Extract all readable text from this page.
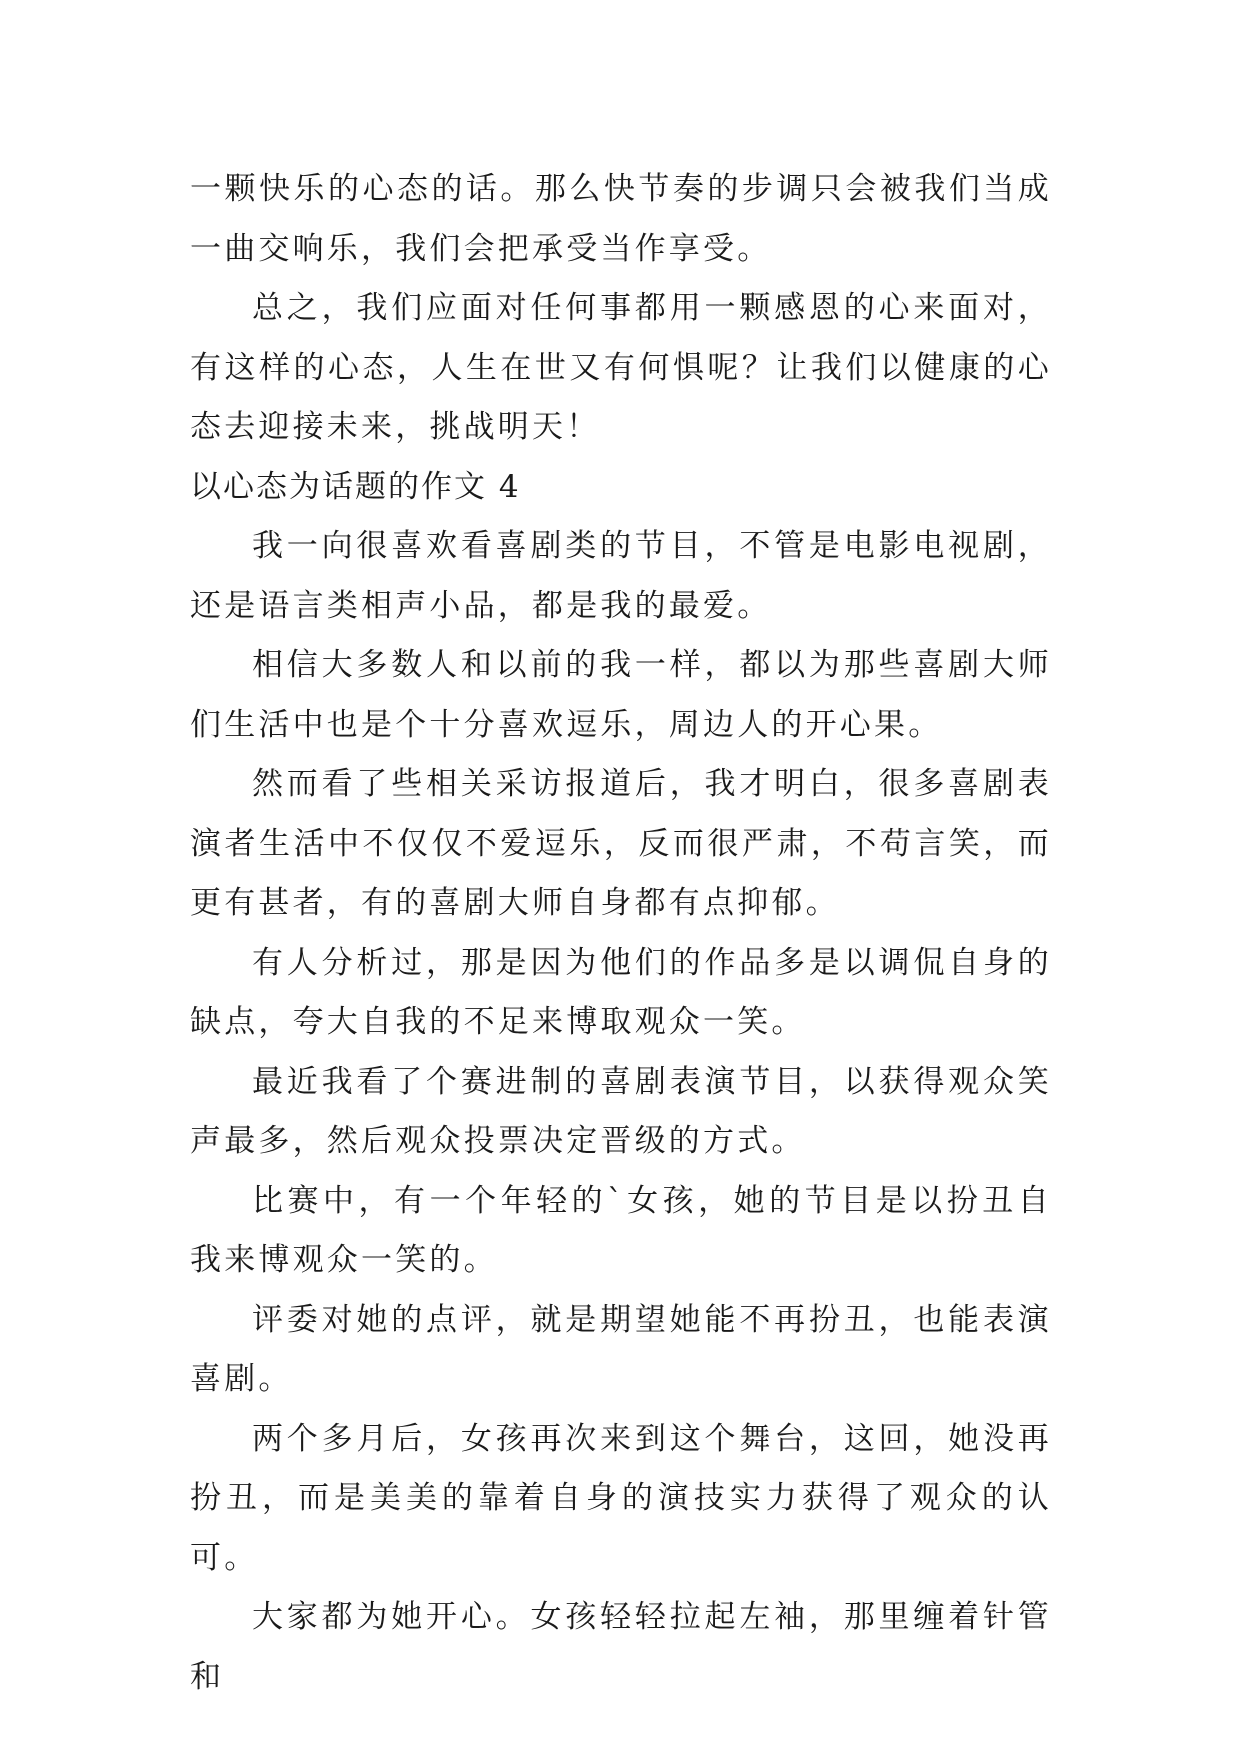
一颗快乐的心态的话。那么快节奏的步调只会被我们当成一曲交响乐，我们会把承受当作享受。

总之，我们应面对任何事都用一颗感恩的心来面对，有这样的心态，人生在世又有何惧呢？让我们以健康的心态去迎接未来，挑战明天！

以心态为话题的作文 4

我一向很喜欢看喜剧类的节目，不管是电影电视剧，还是语言类相声小品，都是我的最爱。

相信大多数人和以前的我一样，都以为那些喜剧大师们生活中也是个十分喜欢逗乐，周边人的开心果。

然而看了些相关采访报道后，我才明白，很多喜剧表演者生活中不仅仅不爱逗乐，反而很严肃，不苟言笑，而更有甚者，有的喜剧大师自身都有点抑郁。

有人分析过，那是因为他们的作品多是以调侃自身的缺点，夸大自我的不足来博取观众一笑。

最近我看了个赛进制的喜剧表演节目，以获得观众笑声最多，然后观众投票决定晋级的方式。

比赛中，有一个年轻的`女孩，她的节目是以扮丑自我来博观众一笑的。

评委对她的点评，就是期望她能不再扮丑，也能表演喜剧。

两个多月后，女孩再次来到这个舞台，这回，她没再扮丑，而是美美的靠着自身的演技实力获得了观众的认可。

大家都为她开心。女孩轻轻拉起左袖，那里缠着针管和
